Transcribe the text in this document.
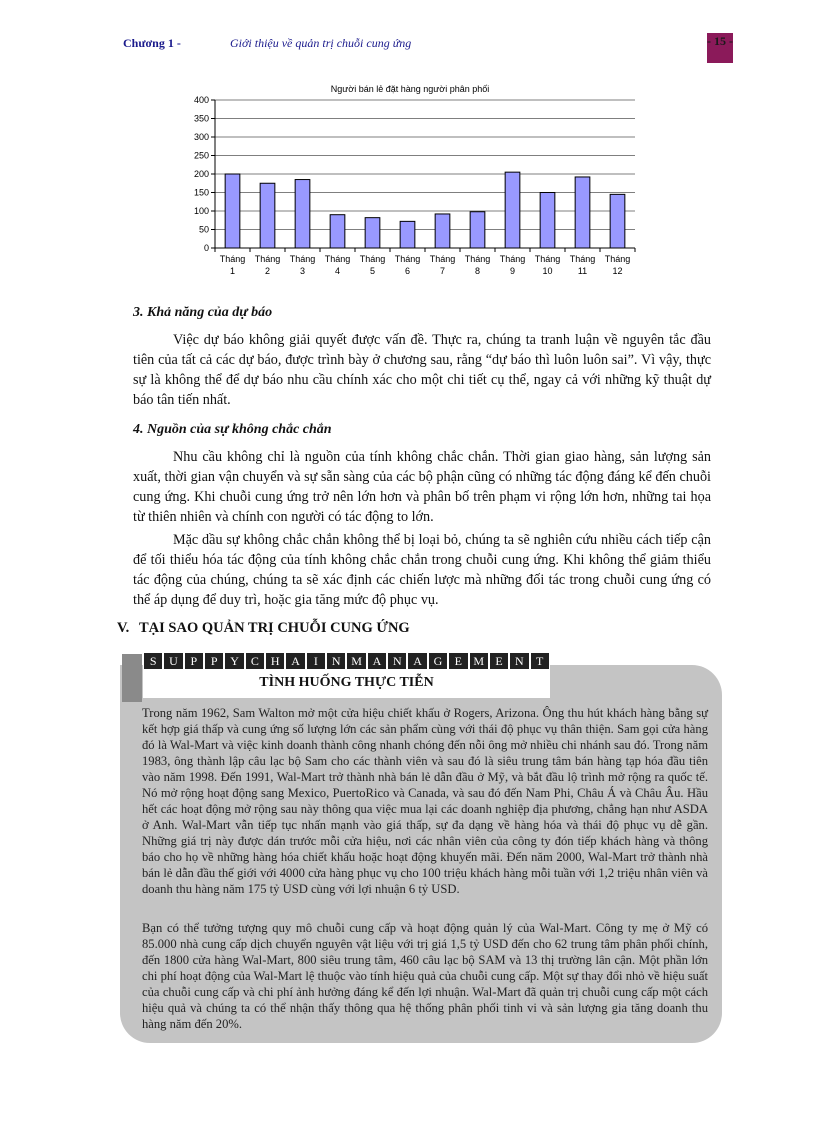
Chương 1 -	Giới thiệu về quản trị chuỗi cung ứng	- 15 -
Người bán lẻ đặt hàng người phân phối
0
50
100
150
200
250
300
350
400
Tháng
1
Tháng
2
Tháng
3
Tháng
4
Tháng
5
Tháng
6
Tháng
7
Tháng
8
Tháng
9
Tháng
10
Tháng
11
Tháng
12
3. Khả năng của dự báo
Việc dự báo không giải quyết được vấn đề. Thực ra, chúng ta tranh luận về nguyên tắc đầu tiên của tất cả các dự báo, được trình bày ở chương sau, rằng “dự báo thì luôn luôn sai”. Vì vậy, thực sự là không thể để dự báo nhu cầu chính xác cho một chi tiết cụ thể, ngay cả với những kỹ thuật dự báo tân tiến nhất.
4. Nguồn của sự không chắc chắn
Nhu cầu không chỉ là nguồn của tính không chắc chắn. Thời gian giao hàng, sản lượng sản xuất, thời gian vận chuyển và sự sẵn sàng của các bộ phận cũng có những tác động đáng kể đến chuỗi cung ứng. Khi chuỗi cung ứng trở nên lớn hơn và phân bố trên phạm vi rộng lớn hơn, những tai họa từ thiên nhiên và chính con người có tác động to lớn.
Mặc dầu sự không chắc chắn không thể bị loại bỏ, chúng ta sẽ nghiên cứu nhiều cách tiếp cận để tối thiểu hóa tác động của tính không chắc chắn trong chuỗi cung ứng. Khi không thể giảm thiểu tác động của chúng, chúng ta sẽ xác định các chiến lược mà những đối tác trong chuỗi cung ứng có thể áp dụng để duy trì, hoặc gia tăng mức độ phục vụ.
V. TẠI SAO QUẢN TRỊ CHUỖI CUNG ỨNG
S	U	P	P	Y	C	H A	I	N M A N A G	E M E	N	T
TÌNH HUỐNG THỰC TIỄN
Trong năm 1962, Sam Walton mở một cửa hiệu chiết khấu ở Rogers, Arizona. Ông thu hút khách hàng bằng sự kết hợp giá thấp và cung ứng số lượng lớn các sản phẩm cùng với thái độ phục vụ thân thiện. Sam gọi cửa hàng đó là Wal-Mart và việc kinh doanh thành công nhanh chóng đến nỗi ông mở nhiều chi nhánh sau đó. Trong năm 1983, ông thành lập câu lạc bộ Sam cho các thành viên và sau đó là siêu trung tâm bán hàng tạp hóa đầu tiên vào năm 1998. Đến 1991, Wal-Mart trở thành nhà bán lẻ dẫn đầu ở Mỹ, và bắt đầu lộ trình mở rộng ra quốc tế. Nó mở rộng hoạt động sang Mexico, PuertoRico và Canada, và sau đó đến Nam Phi, Châu Á và Châu Âu. Hầu hết các hoạt động mở rộng sau này thông qua việc mua lại các doanh nghiệp địa phương, chẳng hạn như ASDA ở Anh. Wal-Mart vẫn tiếp tục nhấn mạnh vào giá thấp, sự đa dạng về hàng hóa và thái độ phục vụ dễ gần. Những giá trị này được dán trước mỗi cửa hiệu, nơi các nhân viên của công ty đón tiếp khách hàng và thông báo cho họ về những hàng hóa chiết khấu hoặc hoạt động khuyến mãi. Đến năm 2000, Wal-Mart trở thành nhà bán lẻ dẫn đầu thế giới với 4000 cửa hàng phục vụ cho 100 triệu khách hàng mỗi tuần với 1,2 triệu nhân viên và doanh thu hàng năm 175 tỷ USD cùng với lợi nhuận 6 tỷ USD.
Bạn có thể tưởng tượng quy mô chuỗi cung cấp và hoạt động quản lý của Wal-Mart. Công ty mẹ ở Mỹ có 85.000 nhà cung cấp dịch chuyển nguyên vật liệu với trị giá 1,5 tỷ USD đến cho 62 trung tâm phân phối chính, đến 1800 cửa hàng Wal-Mart, 800 siêu trung tâm, 460 câu lạc bộ SAM và 13 thị trường lân cận. Một phần lớn chi phí hoạt động của Wal-Mart lệ thuộc vào tính hiệu quả của chuỗi cung cấp. Một sự thay đổi nhỏ về hiệu suất của chuỗi cung cấp và chi phí ảnh hưởng đáng kể đến lợi nhuận. Wal-Mart đã quản trị chuỗi cung cấp một cách hiệu quả và chúng ta có thể nhận thấy thông qua hệ thống phân phối tinh vi và sản lượng gia tăng doanh thu hàng năm đến 20%.
